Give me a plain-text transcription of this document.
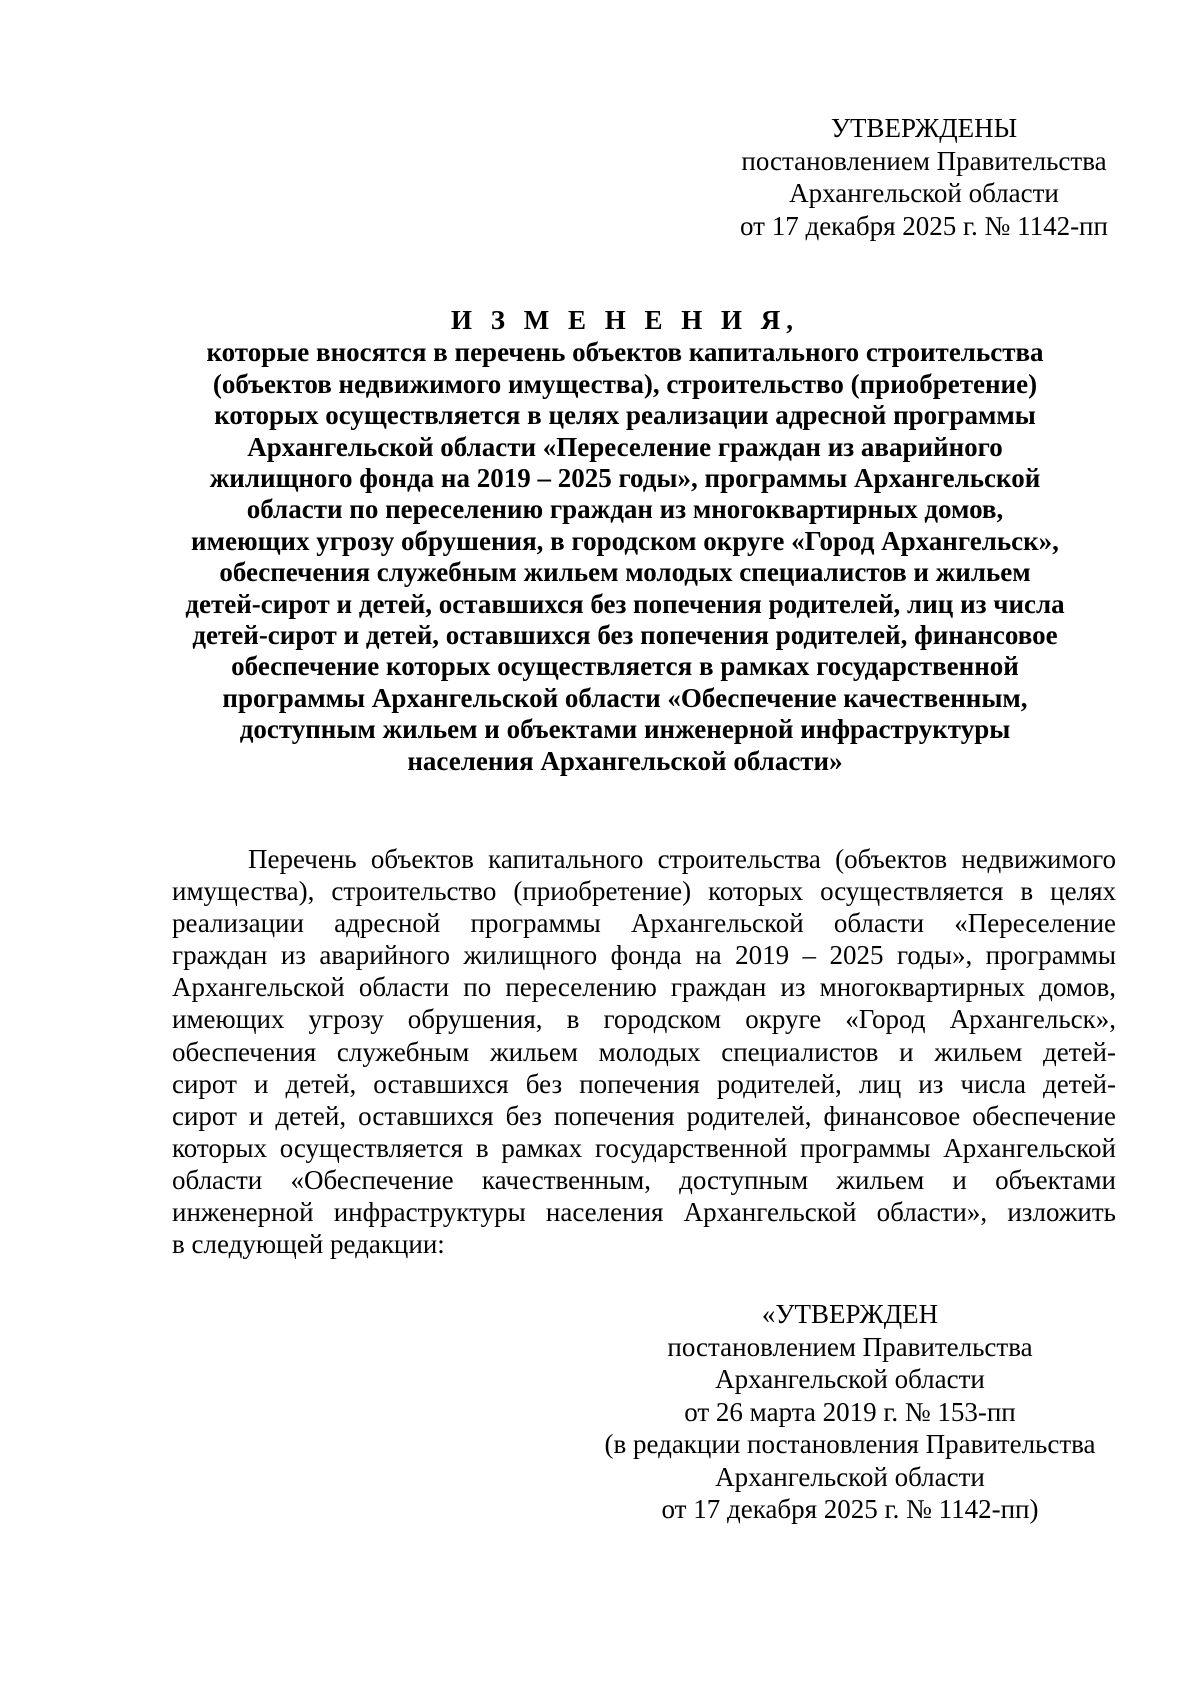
УТВЕРЖДЕНЫ
постановлением Правительства
Архангельской области
от 17 декабря 2025 г. № 1142-пп
И З М Е Н Е Н И Я,
которые вносятся в перечень объектов капитального строительства
(объектов недвижимого имущества), строительство (приобретение)
которых осуществляется в целях реализации адресной программы
Архангельской области «Переселение граждан из аварийного
жилищного фонда на 2019 – 2025 годы», программы Архангельской
области по переселению граждан из многоквартирных домов,
имеющих угрозу обрушения, в городском округе «Город Архангельск»,
обеспечения служебным жильем молодых специалистов и жильем
детей-сирот и детей, оставшихся без попечения родителей, лиц из числа
детей-сирот и детей, оставшихся без попечения родителей, финансовое
обеспечение которых осуществляется в рамках государственной
программы Архангельской области «Обеспечение качественным,
доступным жильем и объектами инженерной инфраструктуры
населения Архангельской области»
Перечень объектов капитального строительства (объектов недвижимого
имущества), строительство (приобретение) которых осуществляется в целях
реализации адресной программы Архангельской области «Переселение
граждан из аварийного жилищного фонда на 2019 – 2025 годы», программы
Архангельской области по переселению граждан из многоквартирных домов,
имеющих угрозу обрушения, в городском округе «Город Архангельск»,
обеспечения служебным жильем молодых специалистов и жильем детей-
сирот и детей, оставшихся без попечения родителей, лиц из числа детей-
сирот и детей, оставшихся без попечения родителей, финансовое обеспечение
которых осуществляется в рамках государственной программы Архангельской
области «Обеспечение качественным, доступным жильем и объектами
инженерной инфраструктуры населения Архангельской области», изложить
в следующей редакции:
«УТВЕРЖДЕН
постановлением Правительства
Архангельской области
от 26 марта 2019 г. № 153-пп
(в редакции постановления Правительства
Архангельской области
от 17 декабря 2025 г. № 1142-пп)
